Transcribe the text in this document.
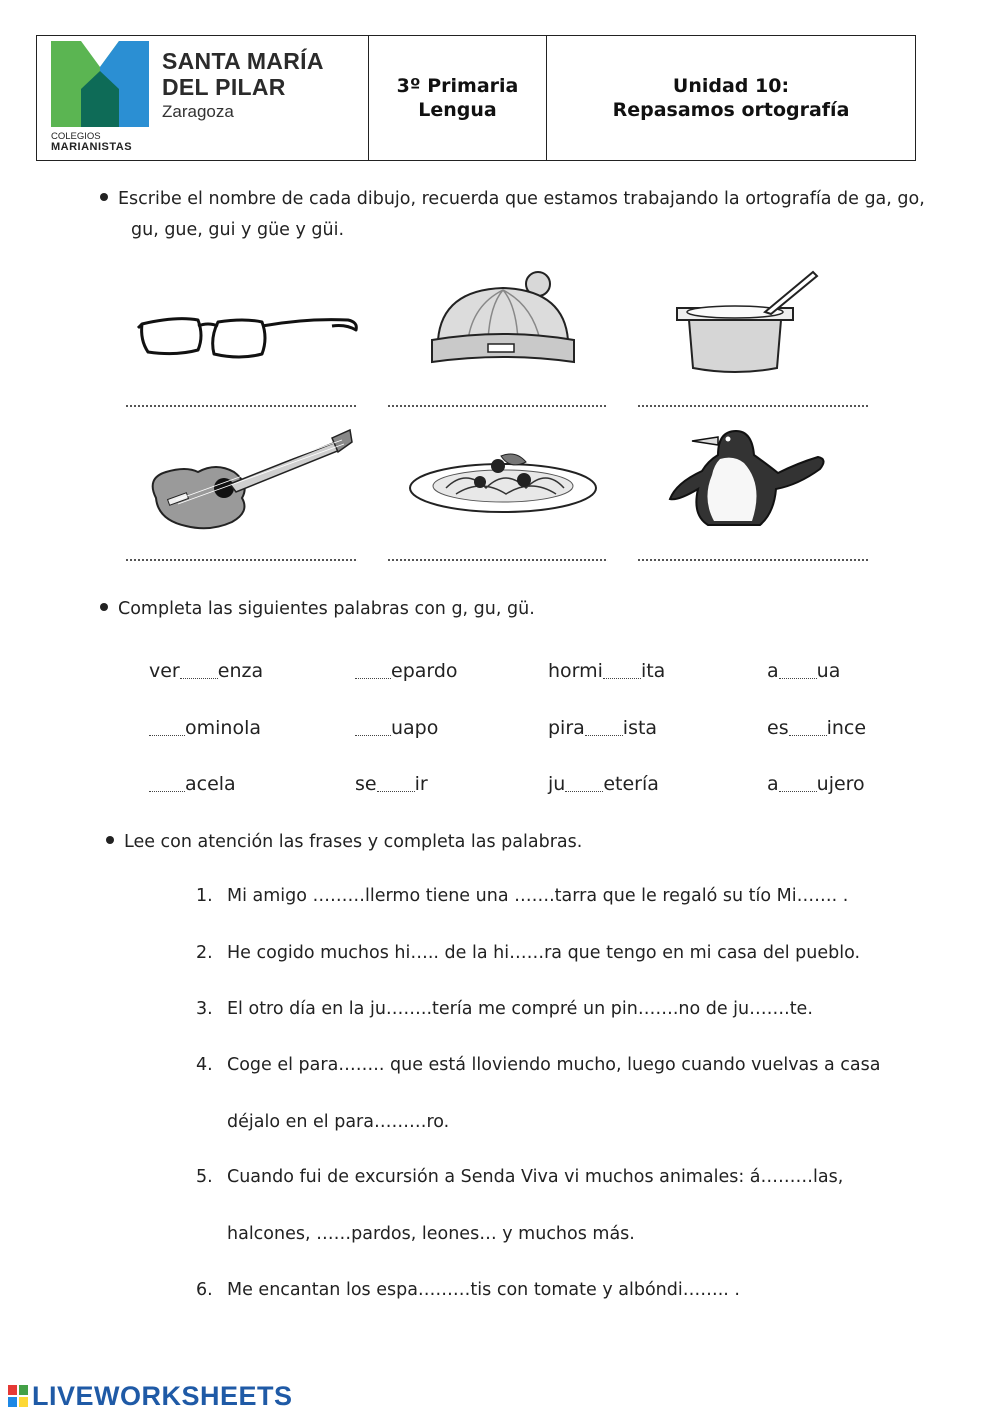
SANTA MARÍA
DEL PILAR
Zaragoza
COLEGIOS
MARIANISTAS
3º Primaria
Lengua
Unidad 10:
Repasamos ortografía
Escribe el nombre de cada dibujo, recuerda que estamos trabajando la ortografía de ga, go,
gu, gue, gui y güe y güi.
Completa las siguientes palabras con g, gu, gü.
ver enza	epardo	hormi ita	a ua
ominola	uapo	pira ista	es ince
acela	se ir	ju etería	a ujero
Lee con atención las frases y completa las palabras.
1. Mi amigo ………llermo tiene una …….tarra que le regaló su tío Mi……. .
2. He cogido muchos hi….. de la hi……ra que tengo en mi casa del pueblo.
3. El otro día en la ju……..tería me compré un pin…….no de ju…….te.
4. Coge el para…….. que está lloviendo mucho, luego cuando vuelvas a casa
déjalo en el para………ro.
5. Cuando fui de excursión a Senda Viva vi muchos animales: á………las,
halcones, ……pardos, leones… y muchos más.
6. Me encantan los espa………tis con tomate y albóndi…….. .
LIVEWORKSHEETS
